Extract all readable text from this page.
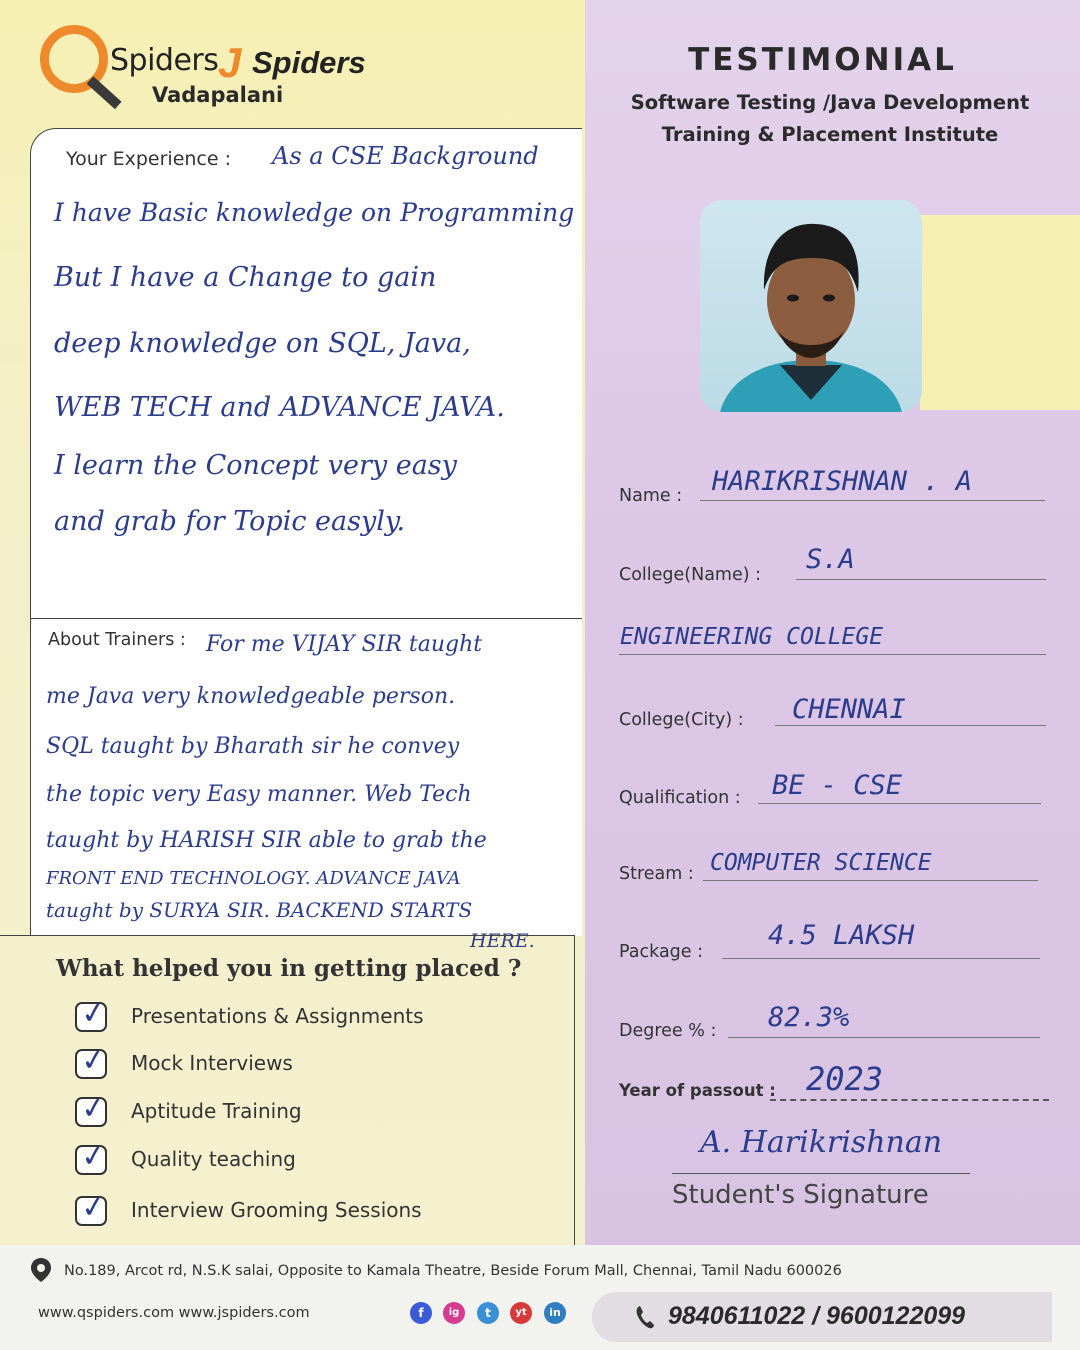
Spiders J Spiders
Vadapalani
TESTIMONIAL
Software Testing /Java Development
Training & Placement Institute
Your Experience : As a CSE Background
I have Basic knowledge on Programming
But I have a Change to gain
deep knowledge on SQL, Java,
WEB TECH and ADVANCE JAVA.
I learn the Concept very easy
and grab for Topic easyly.
About Trainers : For me VIJAY SIR taught
me Java very knowledgeable person.
SQL taught by Bharath sir he convey
the topic very Easy manner. Web Tech
taught by HARISH SIR able to grab the
FRONT END TECHNOLOGY. ADVANCE JAVA
taught by SURYA SIR. BACKEND STARTS
HERE.
What helped you in getting placed ?
✓ Presentations & Assignments
✓ Mock Interviews
✓ Aptitude Training
✓ Quality teaching
✓ Interview Grooming Sessions
Name : HARIKRISHNAN . A
College(Name) : S.A
ENGINEERING COLLEGE
College(City) : CHENNAI
Qualification : BE - CSE
Stream : COMPUTER SCIENCE
Package :
4.5 LAKSH
Degree % : 82.3%
Year of passout : 2023
A. Harikrishnan
Student's Signature
No.189, Arcot rd, N.S.K salai, Opposite to Kamala Theatre, Beside Forum Mall, Chennai, Tamil Nadu 600026
www.qspiders.com www.jspiders.com	f	ig	t	yt	in	9840611022 / 9600122099
